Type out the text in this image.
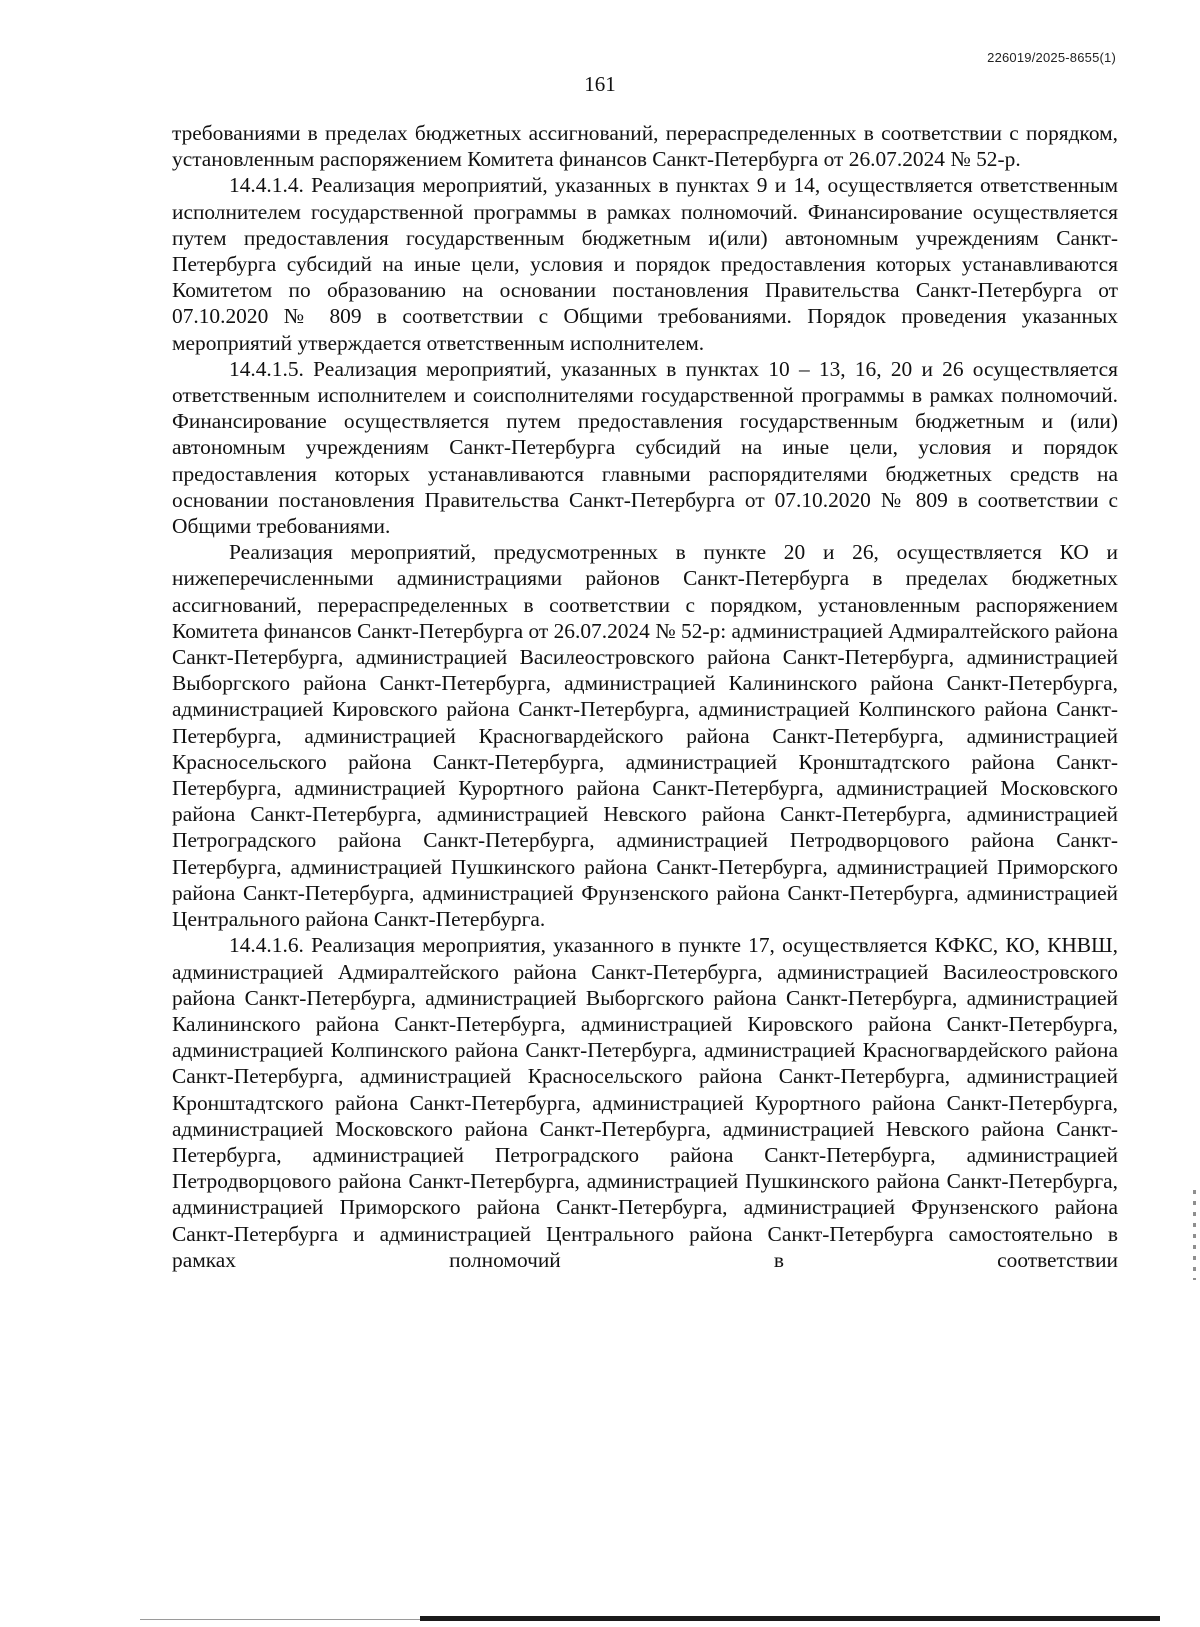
226019/2025-8655(1)
161

требованиями в пределах бюджетных ассигнований, перераспределенных в соответствии с порядком, установленным распоряжением Комитета финансов Санкт-Петербурга от 26.07.2024 № 52-р.

14.4.1.4. Реализация мероприятий, указанных в пунктах 9 и 14, осуществляется ответственным исполнителем государственной программы в рамках полномочий. Финансирование осуществляется путем предоставления государственным бюджетным и(или) автономным учреждениям Санкт-Петербурга субсидий на иные цели, условия и порядок предоставления которых устанавливаются Комитетом по образованию на основании постановления Правительства Санкт-Петербурга от 07.10.2020 № 809 в соответствии с Общими требованиями. Порядок проведения указанных мероприятий утверждается ответственным исполнителем.

14.4.1.5. Реализация мероприятий, указанных в пунктах 10 – 13, 16, 20 и 26 осуществляется ответственным исполнителем и соисполнителями государственной программы в рамках полномочий. Финансирование осуществляется путем предоставления государственным бюджетным и (или) автономным учреждениям Санкт-Петербурга субсидий на иные цели, условия и порядок предоставления которых устанавливаются главными распорядителями бюджетных средств на основании постановления Правительства Санкт-Петербурга от 07.10.2020 № 809 в соответствии с Общими требованиями.

Реализация мероприятий, предусмотренных в пункте 20 и 26, осуществляется КО и нижеперечисленными администрациями районов Санкт-Петербурга в пределах бюджетных ассигнований, перераспределенных в соответствии с порядком, установленным распоряжением Комитета финансов Санкт-Петербурга от 26.07.2024 № 52-р: администрацией Адмиралтейского района Санкт-Петербурга, администрацией Василеостровского района Санкт-Петербурга, администрацией Выборгского района Санкт-Петербурга, администрацией Калининского района Санкт-Петербурга, администрацией Кировского района Санкт-Петербурга, администрацией Колпинского района Санкт-Петербурга, администрацией Красногвардейского района Санкт-Петербурга, администрацией Красносельского района Санкт-Петербурга, администрацией Кронштадтского района Санкт-Петербурга, администрацией Курортного района Санкт-Петербурга, администрацией Московского района Санкт-Петербурга, администрацией Невского района Санкт-Петербурга, администрацией Петроградского района Санкт-Петербурга, администрацией Петродворцового района Санкт-Петербурга, администрацией Пушкинского района Санкт-Петербурга, администрацией Приморского района Санкт-Петербурга, администрацией Фрунзенского района Санкт-Петербурга, администрацией Центрального района Санкт-Петербурга.

14.4.1.6. Реализация мероприятия, указанного в пункте 17, осуществляется КФКС, КО, КНВШ, администрацией Адмиралтейского района Санкт-Петербурга, администрацией Василеостровского района Санкт-Петербурга, администрацией Выборгского района Санкт-Петербурга, администрацией Калининского района Санкт-Петербурга, администрацией Кировского района Санкт-Петербурга, администрацией Колпинского района Санкт-Петербурга, администрацией Красногвардейского района Санкт-Петербурга, администрацией Красносельского района Санкт-Петербурга, администрацией Кронштадтского района Санкт-Петербурга, администрацией Курортного района Санкт-Петербурга, администрацией Московского района Санкт-Петербурга, администрацией Невского района Санкт-Петербурга, администрацией Петроградского района Санкт-Петербурга, администрацией Петродворцового района Санкт-Петербурга, администрацией Пушкинского района Санкт-Петербурга, администрацией Приморского района Санкт-Петербурга, администрацией Фрунзенского района Санкт-Петербурга и администрацией Центрального района Санкт-Петербурга самостоятельно в рамках полномочий в соответствии
